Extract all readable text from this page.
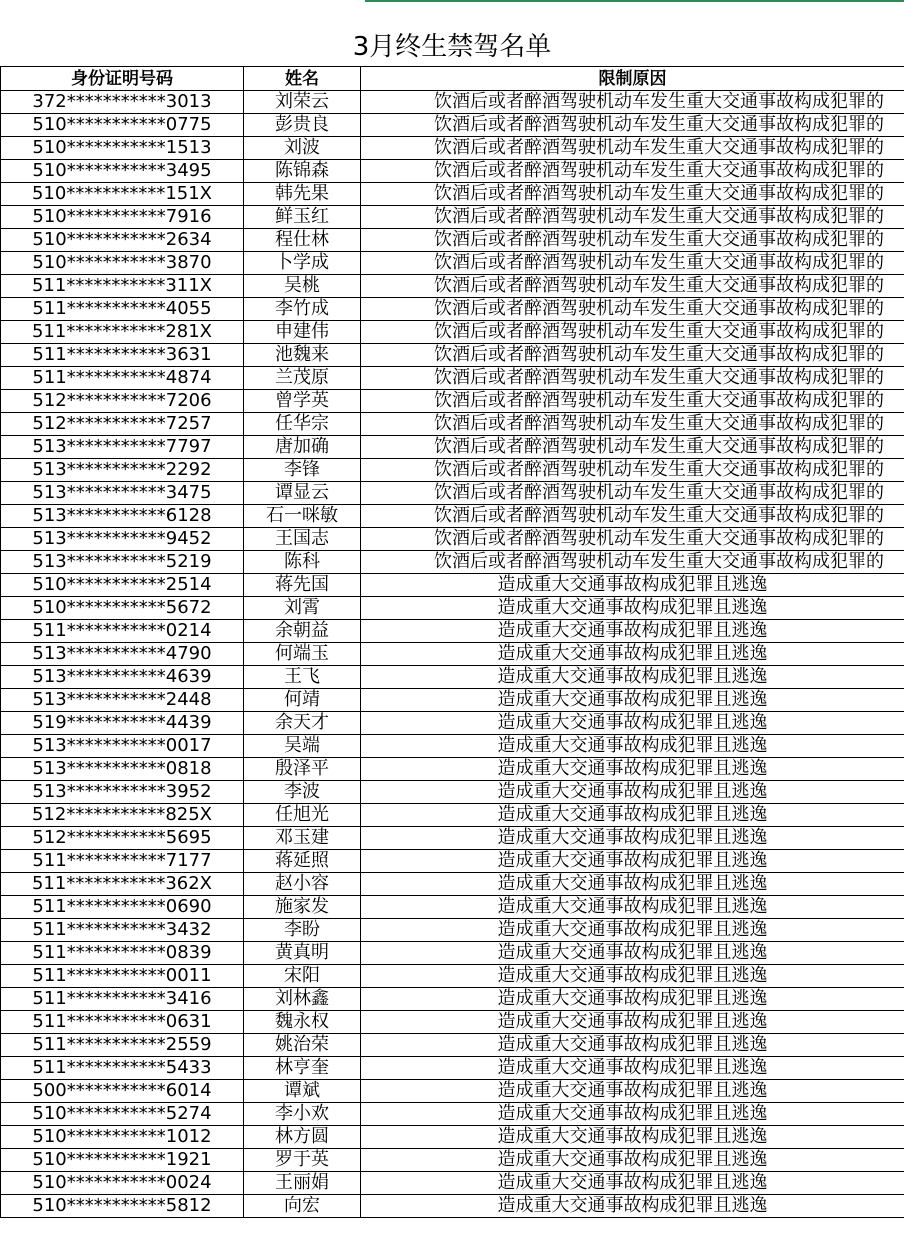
3月终生禁驾名单
身份证明号码	姓名	限制原因
372***********3013	刘荣云	饮酒后或者醉酒驾驶机动车发生重大交通事故构成犯罪的
510***********0775	彭贵良	饮酒后或者醉酒驾驶机动车发生重大交通事故构成犯罪的
510***********1513	刘波	饮酒后或者醉酒驾驶机动车发生重大交通事故构成犯罪的
510***********3495	陈锦森	饮酒后或者醉酒驾驶机动车发生重大交通事故构成犯罪的
510***********151X	韩先果	饮酒后或者醉酒驾驶机动车发生重大交通事故构成犯罪的
510***********7916	鲜玉红	饮酒后或者醉酒驾驶机动车发生重大交通事故构成犯罪的
510***********2634	程仕林	饮酒后或者醉酒驾驶机动车发生重大交通事故构成犯罪的
510***********3870	卜学成	饮酒后或者醉酒驾驶机动车发生重大交通事故构成犯罪的
511***********311X	吴桃	饮酒后或者醉酒驾驶机动车发生重大交通事故构成犯罪的
511***********4055	李竹成	饮酒后或者醉酒驾驶机动车发生重大交通事故构成犯罪的
511***********281X	申建伟	饮酒后或者醉酒驾驶机动车发生重大交通事故构成犯罪的
511***********3631	池魏来	饮酒后或者醉酒驾驶机动车发生重大交通事故构成犯罪的
511***********4874	兰茂原	饮酒后或者醉酒驾驶机动车发生重大交通事故构成犯罪的
512***********7206	曾学英	饮酒后或者醉酒驾驶机动车发生重大交通事故构成犯罪的
512***********7257	任华宗	饮酒后或者醉酒驾驶机动车发生重大交通事故构成犯罪的
513***********7797	唐加确	饮酒后或者醉酒驾驶机动车发生重大交通事故构成犯罪的
513***********2292	李锋	饮酒后或者醉酒驾驶机动车发生重大交通事故构成犯罪的
513***********3475	谭显云	饮酒后或者醉酒驾驶机动车发生重大交通事故构成犯罪的
513***********6128	石一咪敏	饮酒后或者醉酒驾驶机动车发生重大交通事故构成犯罪的
513***********9452	王国志	饮酒后或者醉酒驾驶机动车发生重大交通事故构成犯罪的
513***********5219	陈科	饮酒后或者醉酒驾驶机动车发生重大交通事故构成犯罪的
510***********2514	蒋先国	造成重大交通事故构成犯罪且逃逸
510***********5672	刘霄	造成重大交通事故构成犯罪且逃逸
511***********0214	余朝益	造成重大交通事故构成犯罪且逃逸
513***********4790	何端玉	造成重大交通事故构成犯罪且逃逸
513***********4639	王飞	造成重大交通事故构成犯罪且逃逸
513***********2448	何靖	造成重大交通事故构成犯罪且逃逸
519***********4439	余天才	造成重大交通事故构成犯罪且逃逸
513***********0017	吴端	造成重大交通事故构成犯罪且逃逸
513***********0818	殷泽平	造成重大交通事故构成犯罪且逃逸
513***********3952	李波	造成重大交通事故构成犯罪且逃逸
512***********825X	任旭光	造成重大交通事故构成犯罪且逃逸
512***********5695	邓玉建	造成重大交通事故构成犯罪且逃逸
511***********7177	蒋延照	造成重大交通事故构成犯罪且逃逸
511***********362X	赵小容	造成重大交通事故构成犯罪且逃逸
511***********0690	施家发	造成重大交通事故构成犯罪且逃逸
511***********3432	李盼	造成重大交通事故构成犯罪且逃逸
511***********0839	黄真明	造成重大交通事故构成犯罪且逃逸
511***********0011	宋阳	造成重大交通事故构成犯罪且逃逸
511***********3416	刘林鑫	造成重大交通事故构成犯罪且逃逸
511***********0631	魏永权	造成重大交通事故构成犯罪且逃逸
511***********2559	姚治荣	造成重大交通事故构成犯罪且逃逸
511***********5433	林亨奎	造成重大交通事故构成犯罪且逃逸
500***********6014	谭斌	造成重大交通事故构成犯罪且逃逸
510***********5274	李小欢	造成重大交通事故构成犯罪且逃逸
510***********1012	林方圆	造成重大交通事故构成犯罪且逃逸
510***********1921	罗于英	造成重大交通事故构成犯罪且逃逸
510***********0024	王丽娟	造成重大交通事故构成犯罪且逃逸
510***********5812	向宏	造成重大交通事故构成犯罪且逃逸
